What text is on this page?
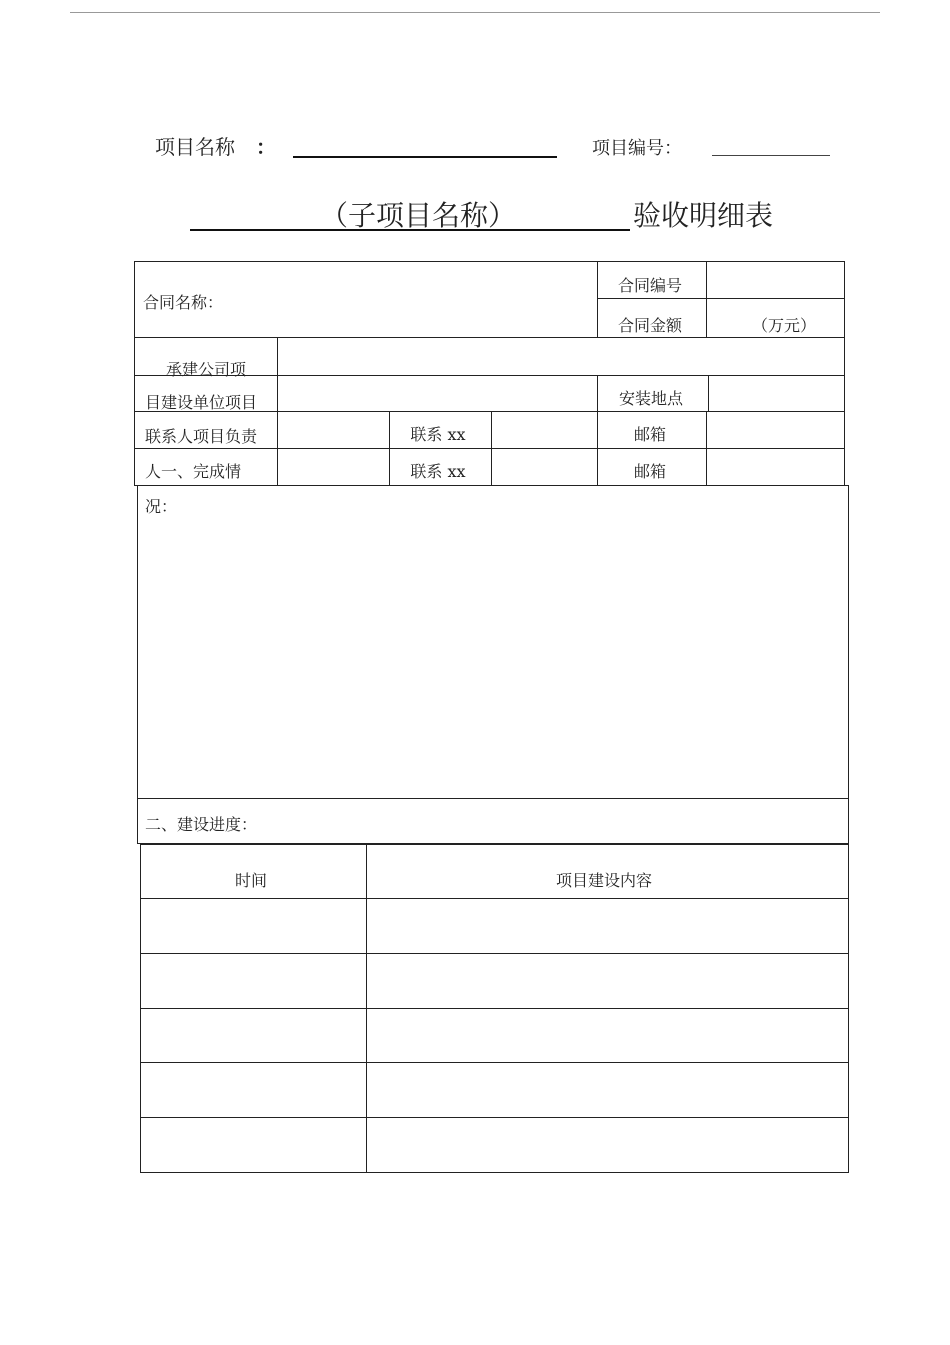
项目名称 ：	项目编号：
（子项目名称）	验收明细表
合同名称：
合同编号
合同金额	（万元）
承建公司项
目建设单位项目	安装地点
联系人项目负责	联系 xx	邮箱
人一、完成情	联系 xx	邮箱
况：
二、建设进度：
时间	项目建设内容
